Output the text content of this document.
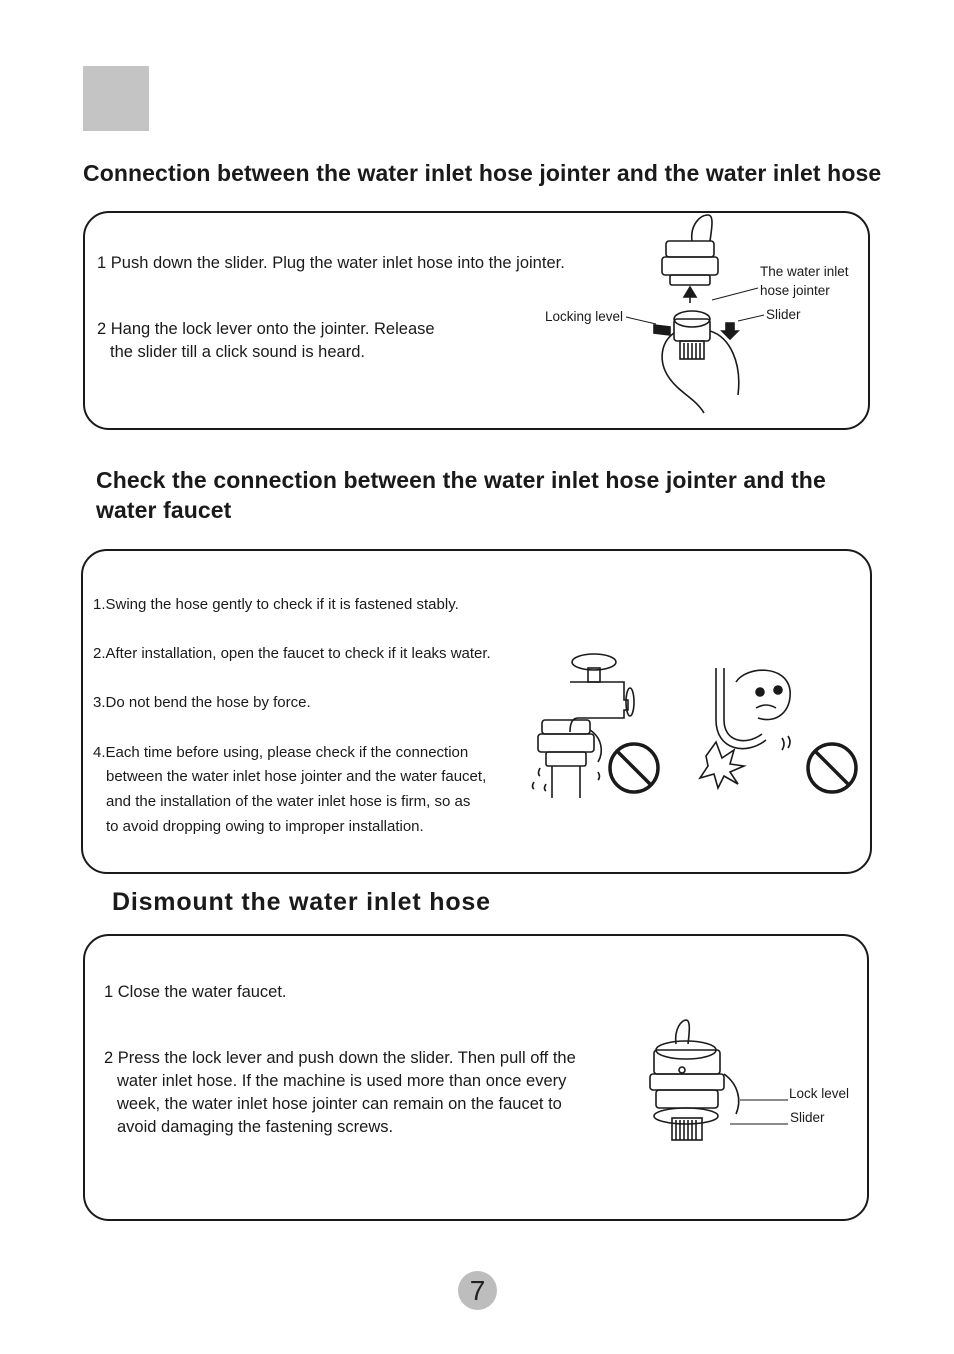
Connection between the water inlet hose jointer and the water inlet hose

1 Push down the slider. Plug the water inlet hose into the jointer.

2 Hang the lock lever onto the jointer. Release

the slider till a click sound is heard.

The water inlet
hose jointer
Slider
Locking level
Check the connection between the water inlet hose jointer and the
water faucet

1.Swing the hose gently to check if it is fastened stably.

2.After installation, open the faucet to check if it leaks water.

3.Do not bend the hose by force.

4.Each time before using, please check if the connection

between the water inlet hose jointer and the water faucet,

and the installation of the water inlet hose is firm, so as

to avoid dropping owing to improper installation.

Dismount the water inlet hose

1 Close the water faucet.

2 Press the lock lever and push down the slider. Then pull off the

water inlet hose. If the machine is used more than once every

week, the water inlet hose jointer can remain on the faucet to

avoid damaging the fastening screws.

Lock level
Slider
7
